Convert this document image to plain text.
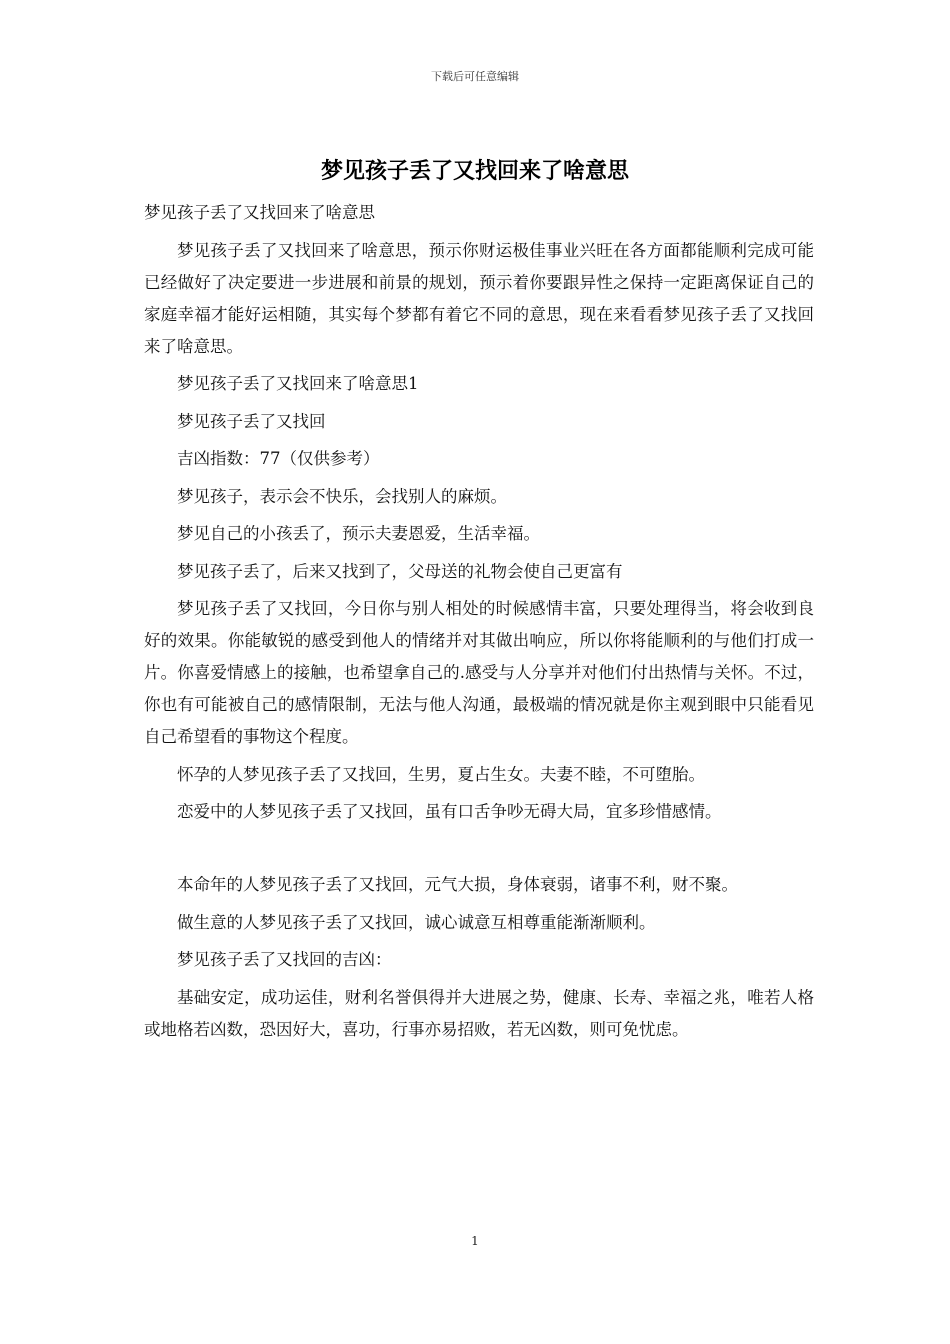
下载后可任意编辑
梦见孩子丢了又找回来了啥意思

梦见孩子丢了又找回来了啥意思

梦见孩子丢了又找回来了啥意思，预示你财运极佳事业兴旺在各方面都能顺利完成可能已经做好了决定要进一步进展和前景的规划，预示着你要跟异性之保持一定距离保证自己的家庭幸福才能好运相随，其实每个梦都有着它不同的意思，现在来看看梦见孩子丢了又找回来了啥意思。

梦见孩子丢了又找回来了啥意思1

梦见孩子丢了又找回

吉凶指数：77（仅供参考）

梦见孩子，表示会不快乐，会找别人的麻烦。

梦见自己的小孩丢了，预示夫妻恩爱，生活幸福。

梦见孩子丢了，后来又找到了，父母送的礼物会使自己更富有

梦见孩子丢了又找回，今日你与别人相处的时候感情丰富，只要处理得当，将会收到良好的效果。你能敏锐的感受到他人的情绪并对其做出响应，所以你将能顺利的与他们打成一片。你喜爱情感上的接触，也希望拿自己的.感受与人分享并对他们付出热情与关怀。不过，你也有可能被自己的感情限制，无法与他人沟通，最极端的情况就是你主观到眼中只能看见自己希望看的事物这个程度。

怀孕的人梦见孩子丢了又找回，生男，夏占生女。夫妻不睦，不可堕胎。

恋爱中的人梦见孩子丢了又找回，虽有口舌争吵无碍大局，宜多珍惜感情。

本命年的人梦见孩子丢了又找回，元气大损，身体衰弱，诸事不利，财不聚。

做生意的人梦见孩子丢了又找回，诚心诚意互相尊重能渐渐顺利。

梦见孩子丢了又找回的吉凶：

基础安定，成功运佳，财利名誉俱得并大进展之势，健康、长寿、幸福之兆，唯若人格或地格若凶数，恐因好大，喜功，行事亦易招败，若无凶数，则可免忧虑。

1
